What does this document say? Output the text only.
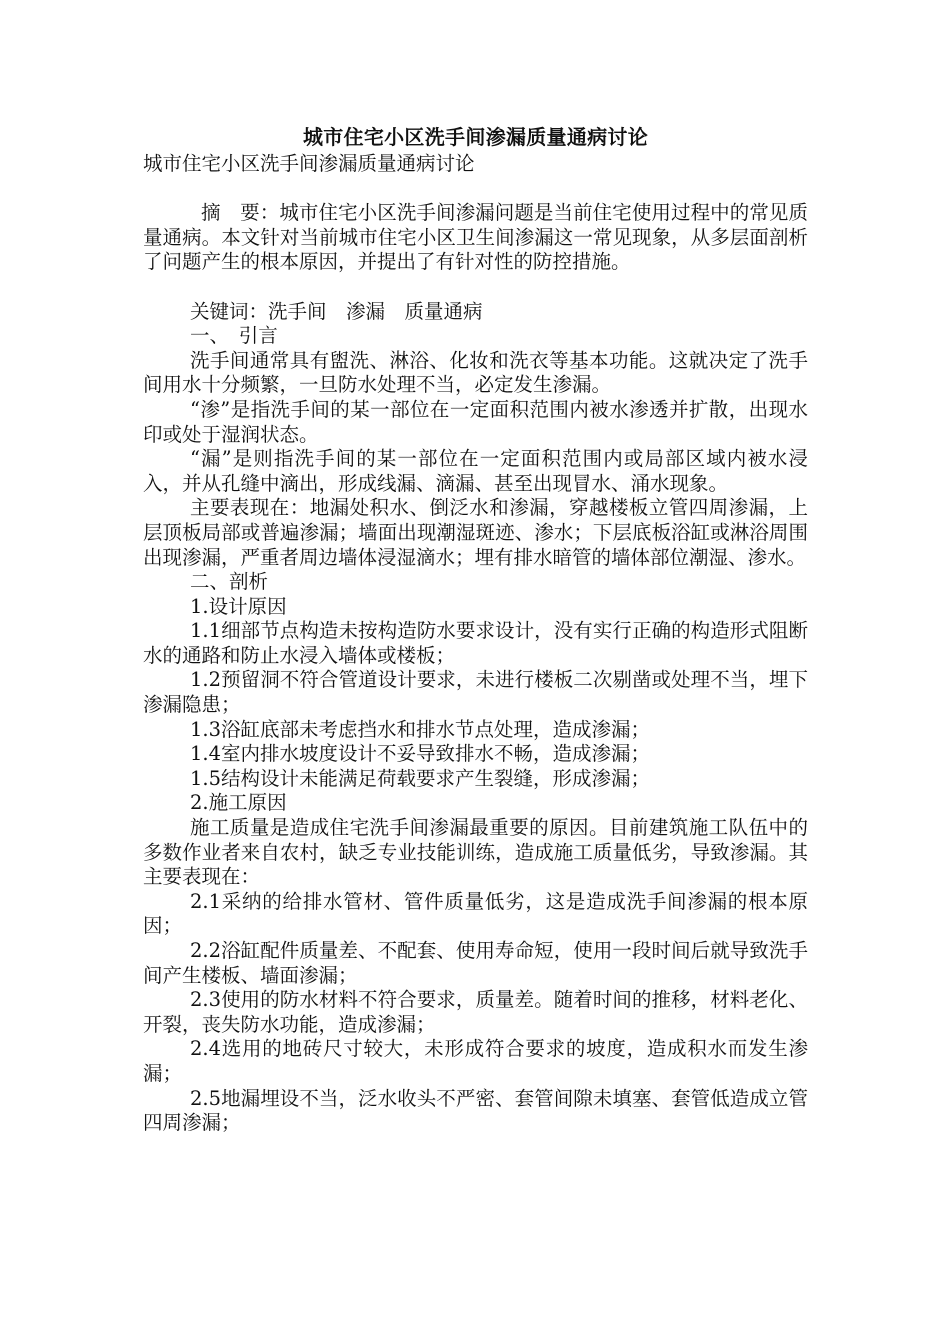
城市住宅小区洗手间渗漏质量通病讨论

城市住宅小区洗手间渗漏质量通病讨论

摘　要：城市住宅小区洗手间渗漏问题是当前住宅使用过程中的常见质量通病。本文针对当前城市住宅小区卫生间渗漏这一常见现象，从多层面剖析了问题产生的根本原因，并提出了有针对性的防控措施。

关键词：洗手间　渗漏　质量通病

一、　引言

洗手间通常具有盥洗、淋浴、化妆和洗衣等基本功能。这就决定了洗手间用水十分频繁，一旦防水处理不当，必定发生渗漏。

“渗”是指洗手间的某一部位在一定面积范围内被水渗透并扩散，出现水印或处于湿润状态。

“漏”是则指洗手间的某一部位在一定面积范围内或局部区域内被水浸入，并从孔缝中滴出，形成线漏、滴漏、甚至出现冒水、涌水现象。

主要表现在：地漏处积水、倒泛水和渗漏，穿越楼板立管四周渗漏，上层顶板局部或普遍渗漏；墙面出现潮湿斑迹、渗水；下层底板浴缸或淋浴周围出现渗漏，严重者周边墙体浸湿滴水；埋有排水暗管的墙体部位潮湿、渗水。

二、剖析

1.设计原因

1.1细部节点构造未按构造防水要求设计，没有实行正确的构造形式阻断水的通路和防止水浸入墙体或楼板；

1.2预留洞不符合管道设计要求，未进行楼板二次剔凿或处理不当，埋下渗漏隐患；

1.3浴缸底部未考虑挡水和排水节点处理，造成渗漏；

1.4室内排水坡度设计不妥导致排水不畅，造成渗漏；

1.5结构设计未能满足荷载要求产生裂缝，形成渗漏；

2.施工原因

施工质量是造成住宅洗手间渗漏最重要的原因。目前建筑施工队伍中的多数作业者来自农村，缺乏专业技能训练，造成施工质量低劣，导致渗漏。其主要表现在：

2.1采纳的给排水管材、管件质量低劣，这是造成洗手间渗漏的根本原因；

2.2浴缸配件质量差、不配套、使用寿命短，使用一段时间后就导致洗手间产生楼板、墙面渗漏；

2.3使用的防水材料不符合要求，质量差。随着时间的推移，材料老化、开裂，丧失防水功能，造成渗漏；

2.4选用的地砖尺寸较大，未形成符合要求的坡度，造成积水而发生渗漏；

2.5地漏埋设不当，泛水收头不严密、套管间隙未填塞、套管低造成立管四周渗漏；
